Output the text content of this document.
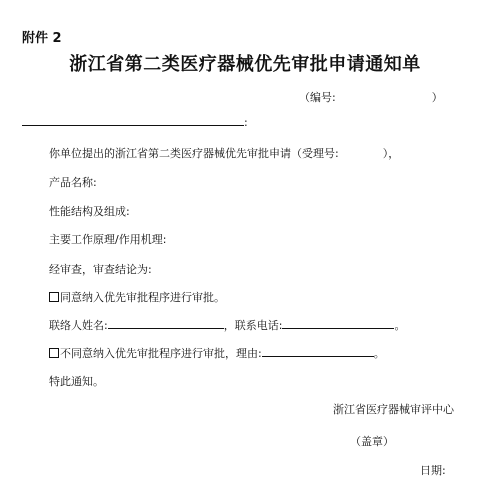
附件 2
浙江省第二类医疗器械优先审批申请通知单
（编号:	）
:
你单位提出的浙江省第二类医疗器械优先审批申请（受理号:	），
产品名称:
性能结构及组成:
主要工作原理/作用机理:
经审查，审查结论为:
同意纳入优先审批程序进行审批。
联络人姓名:	，联系电话:	。
不同意纳入优先审批程序进行审批，理由:	。
特此通知。
浙江省医疗器械审评中心
（盖章）
日期:
